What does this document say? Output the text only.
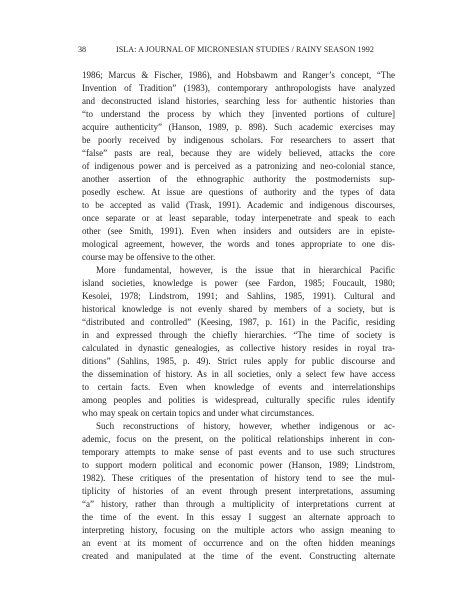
38	ISLA: A JOURNAL OF MICRONESIAN STUDIES / RAINY SEASON 1992
1986; Marcus & Fischer, 1986), and Hobsbawm and Ranger’s concept, “The
Invention of Tradition” (1983), contemporary anthropologists have analyzed
and deconstructed island histories, searching less for authentic histories than
“to understand the process by which they [invented portions of culture]
acquire authenticity” (Hanson, 1989, p. 898). Such academic exercises may
be poorly received by indigenous scholars. For researchers to assert that
“false” pasts are real, because they are widely believed, attacks the core
of indigenous power and is perceived as a patronizing and neo-colonial stance,
another assertion of the ethnographic authority the postmodernists sup-
posedly eschew. At issue are questions of authority and the types of data
to be accepted as valid (Trask, 1991). Academic and indigenous discourses,
once separate or at least separable, today interpenetrate and speak to each
other (see Smith, 1991). Even when insiders and outsiders are in episte-
mological agreement, however, the words and tones appropriate to one dis-
course may be offensive to the other.
More fundamental, however, is the issue that in hierarchical Pacific
island societies, knowledge is power (see Fardon, 1985; Foucault, 1980;
Kesolei, 1978; Lindstrom, 1991; and Sahlins, 1985, 1991). Cultural and
historical knowledge is not evenly shared by members of a society, but is
“distributed and controlled” (Keesing, 1987, p. 161) in the Pacific, residing
in and expressed through the chiefly hierarchies. “The time of society is
calculated in dynastic genealogies, as collective history resides in royal tra-
ditions” (Sahlins, 1985, p. 49). Strict rules apply for public discourse and
the dissemination of history. As in all societies, only a select few have access
to certain facts. Even when knowledge of events and interrelationships
among peoples and polities is widespread, culturally specific rules identify
who may speak on certain topics and under what circumstances.
Such reconstructions of history, however, whether indigenous or ac-
ademic, focus on the present, on the political relationships inherent in con-
temporary attempts to make sense of past events and to use such structures
to support modern political and economic power (Hanson, 1989; Lindstrom,
1982). These critiques of the presentation of history tend to see the mul-
tiplicity of histories of an event through present interpretations, assuming
“a” history, rather than through a multiplicity of interpretations current at
the time of the event. In this essay I suggest an alternate approach to
interpreting history, focusing on the multiple actors who assign meaning to
an event at its moment of occurrence and on the often hidden meanings
created and manipulated at the time of the event. Constructing alternate
